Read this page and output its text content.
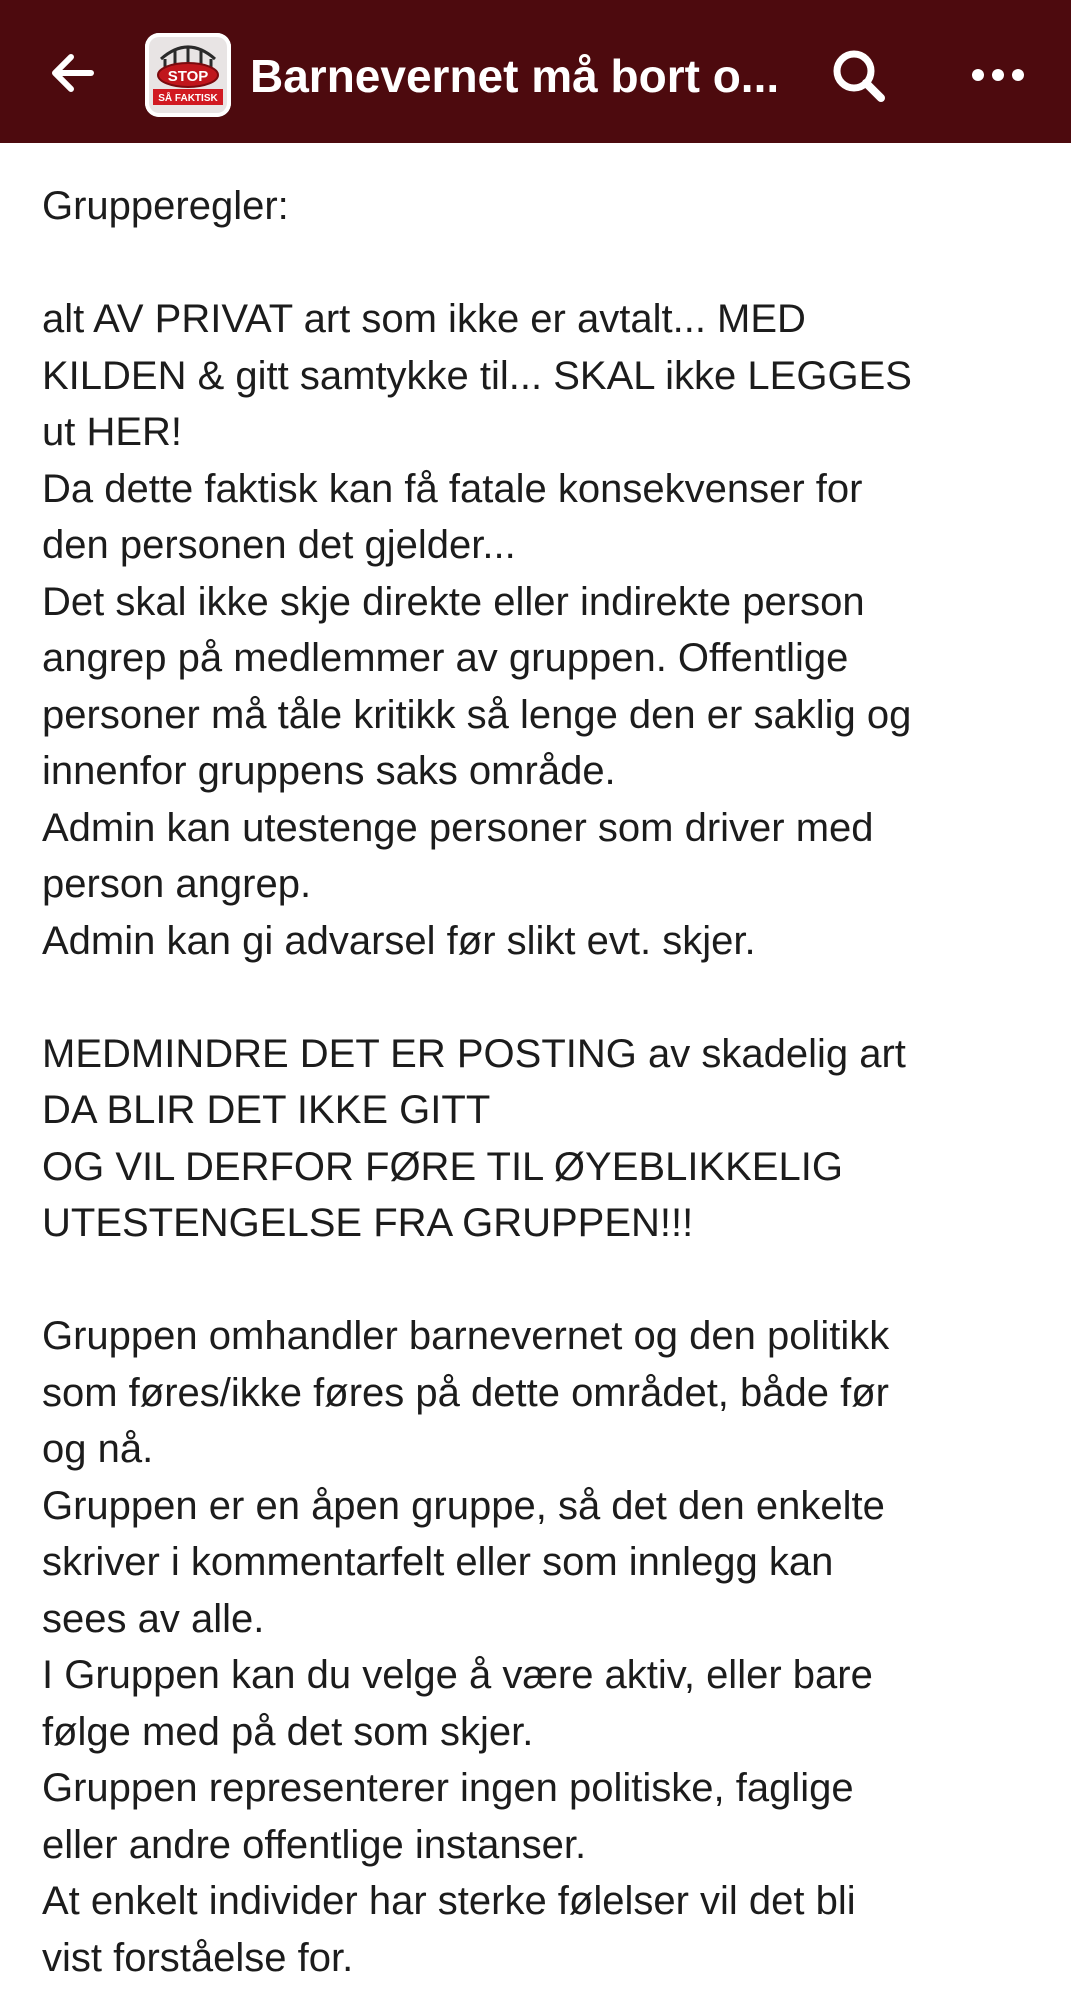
STOP
SÅ FAKTISK Barnevernet må bort o...
Grupperegler:
alt AV PRIVAT art som ikke er avtalt... MED
KILDEN & gitt samtykke til... SKAL ikke LEGGES
ut HER!
Da dette faktisk kan få fatale konsekvenser for
den personen det gjelder...
Det skal ikke skje direkte eller indirekte person
angrep på medlemmer av gruppen. Offentlige
personer må tåle kritikk så lenge den er saklig og
innenfor gruppens saks område.
Admin kan utestenge personer som driver med
person angrep.
Admin kan gi advarsel før slikt evt. skjer.
MEDMINDRE DET ER POSTING av skadelig art
DA BLIR DET IKKE GITT
OG VIL DERFOR FØRE TIL ØYEBLIKKELIG
UTESTENGELSE FRA GRUPPEN!!!
Gruppen omhandler barnevernet og den politikk
som føres/ikke føres på dette området, både før
og nå.
Gruppen er en åpen gruppe, så det den enkelte
skriver i kommentarfelt eller som innlegg kan
sees av alle.
I Gruppen kan du velge å være aktiv, eller bare
følge med på det som skjer.
Gruppen representerer ingen politiske, faglige
eller andre offentlige instanser.
At enkelt individer har sterke følelser vil det bli
vist forståelse for.
